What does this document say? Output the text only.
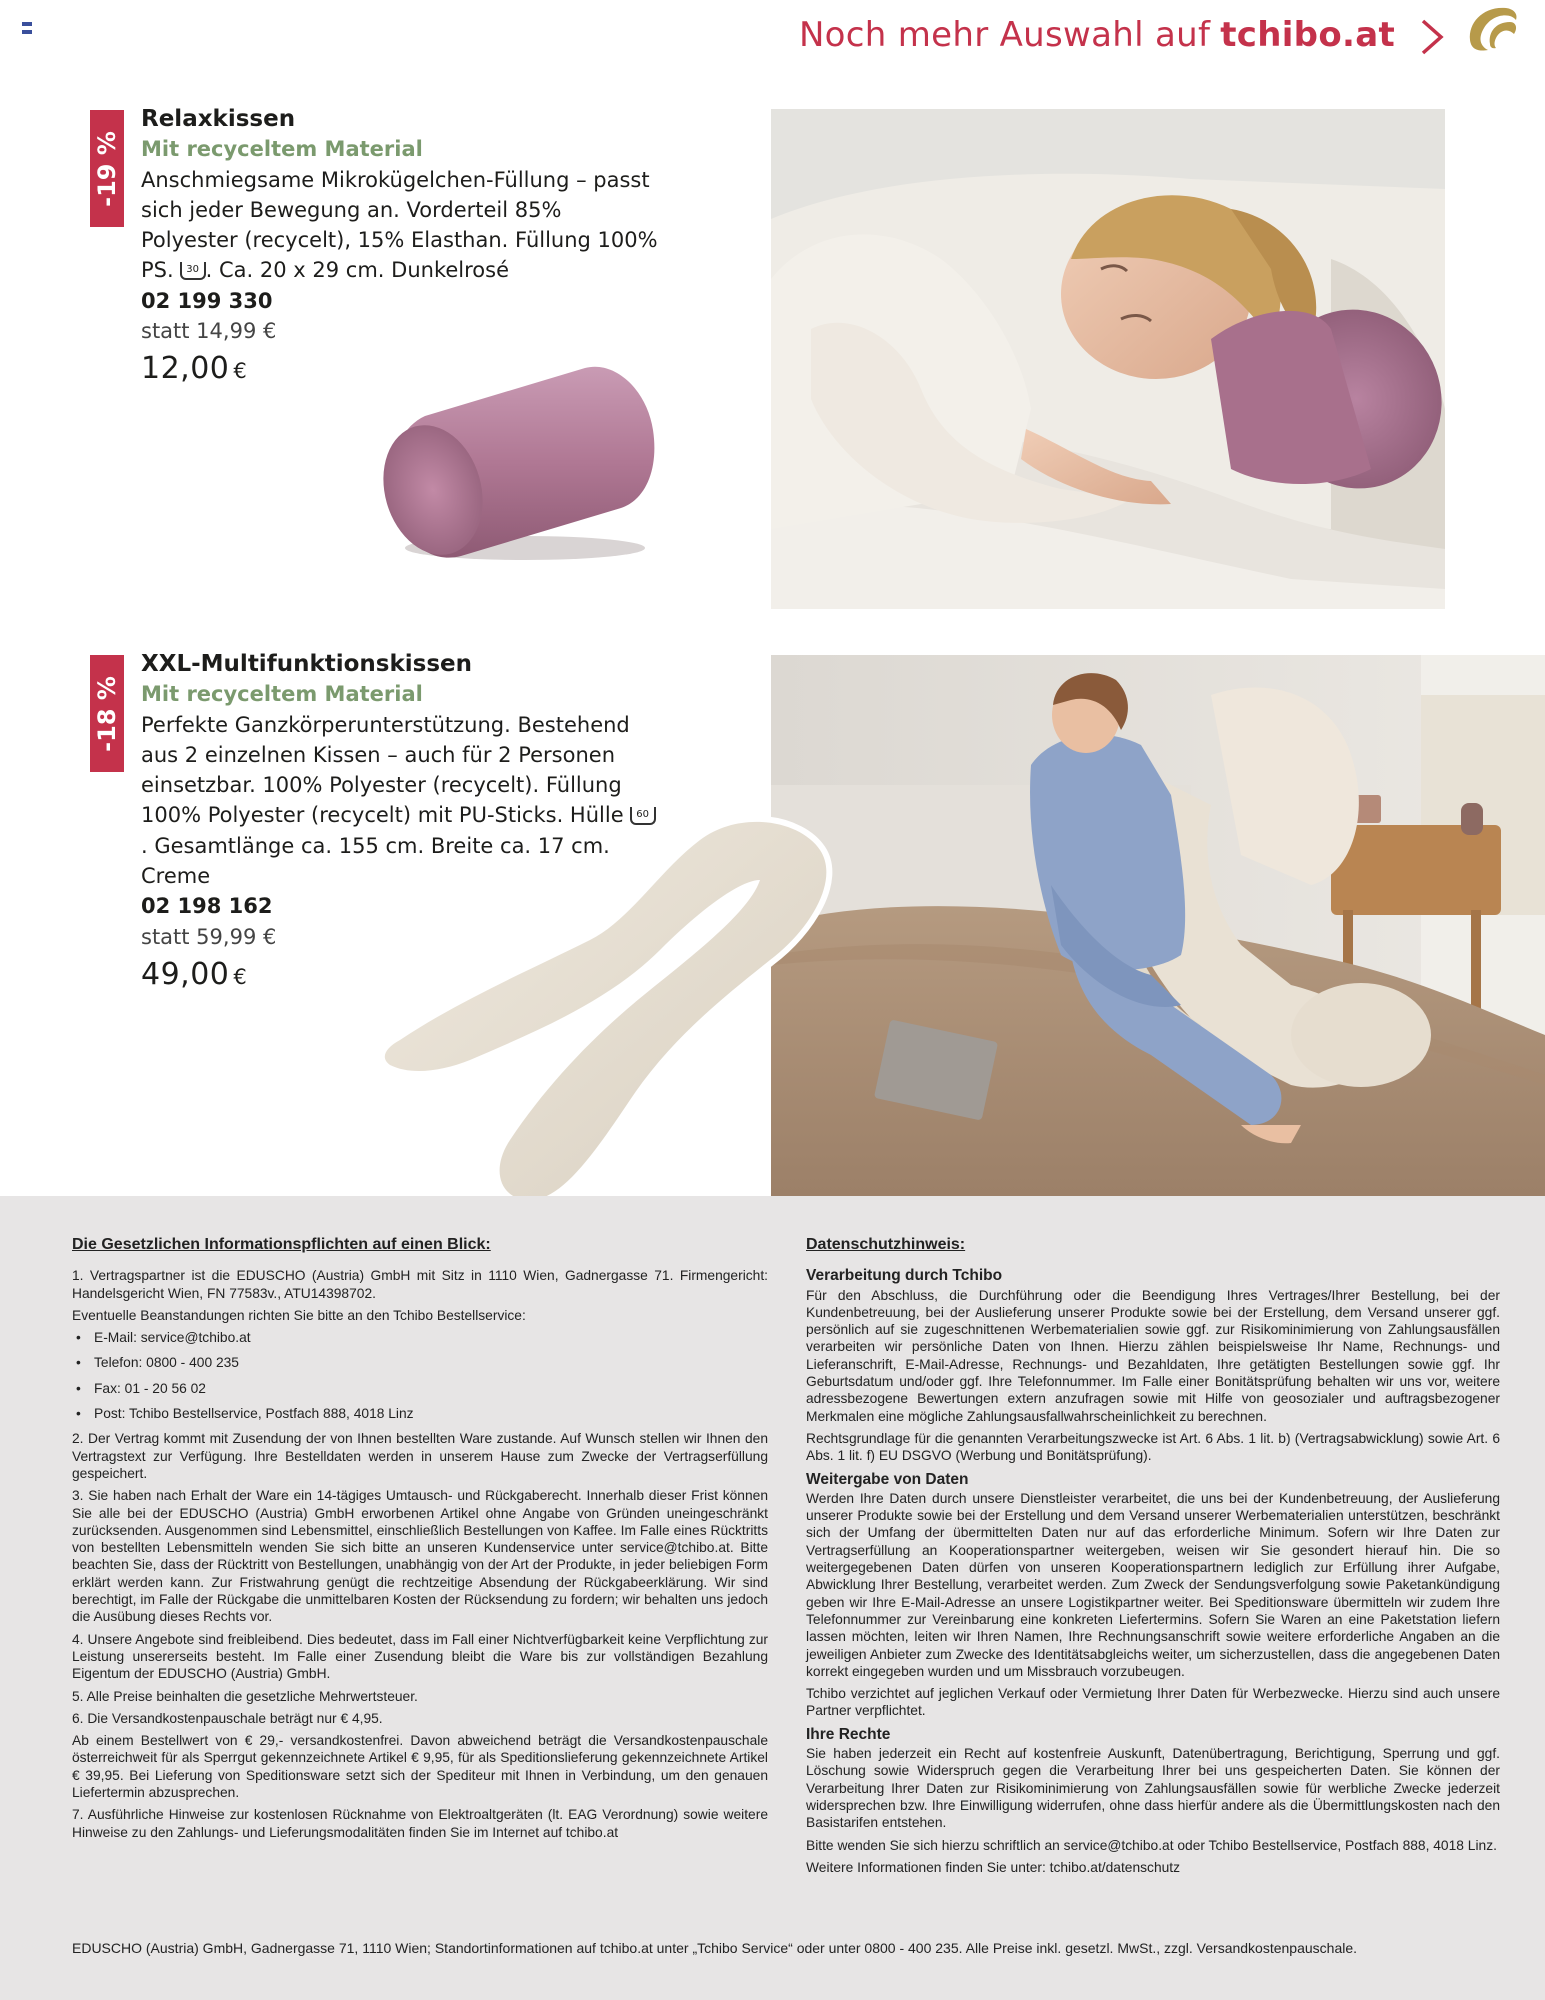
Noch mehr Auswahl auf tchibo.at
-19 %
Relaxkissen
Mit recyceltem Material
Anschmiegsame Mikrokügelchen-Füllung – passt sich jeder Bewegung an. Vorderteil 85% Polyester (recycelt), 15% Elasthan. Füllung 100% PS. 30 . Ca. 20 x 29 cm. Dunkelrosé
02 199 330
statt 14,99 €
12,00 €
-18 %
XXL-Multifunktionskissen
Mit recyceltem Material
Perfekte Ganzkörperunterstützung. Bestehend aus 2 einzelnen Kissen – auch für 2 Personen einsetzbar. 100% Polyester (recycelt). Füllung 100% Polyester (recycelt) mit PU-Sticks. Hülle 60. Gesamtlänge ca. 155 cm. Breite ca. 17 cm. Creme
02 198 162
statt 59,99 €
49,00 €
Die Gesetzlichen Informationspflichten auf einen Blick:

1. Vertragspartner ist die EDUSCHO (Austria) GmbH mit Sitz in 1110 Wien, Gadnergasse 71. Firmengericht: Handelsgericht Wien, FN 77583v., ATU14398702.

Eventuelle Beanstandungen richten Sie bitte an den Tchibo Bestellservice:

• E-Mail: service@tchibo.at
• Telefon: 0800 - 400 235
• Fax: 01 - 20 56 02
• Post: Tchibo Bestellservice, Postfach 888, 4018 Linz

2. Der Vertrag kommt mit Zusendung der von Ihnen bestellten Ware zustande. Auf Wunsch stellen wir Ihnen den Vertragstext zur Verfügung. Ihre Bestelldaten werden in unserem Hause zum Zwecke der Vertragserfüllung gespeichert.

3. Sie haben nach Erhalt der Ware ein 14-tägiges Umtausch- und Rückgaberecht. Innerhalb dieser Frist können Sie alle bei der EDUSCHO (Austria) GmbH erworbenen Artikel ohne Angabe von Gründen uneingeschränkt zurücksenden. Ausgenommen sind Lebensmittel, einschließlich Bestellungen von Kaffee. Im Falle eines Rücktritts von bestellten Lebensmitteln wenden Sie sich bitte an unseren Kundenservice unter service@tchibo.at. Bitte beachten Sie, dass der Rücktritt von Bestellungen, unabhängig von der Art der Produkte, in jeder beliebigen Form erklärt werden kann. Zur Fristwahrung genügt die rechtzeitige Absendung der Rückgabeerklärung. Wir sind berechtigt, im Falle der Rückgabe die unmittelbaren Kosten der Rücksendung zu fordern; wir behalten uns jedoch die Ausübung dieses Rechts vor.

4. Unsere Angebote sind freibleibend. Dies bedeutet, dass im Fall einer Nichtverfügbarkeit keine Verpflichtung zur Leistung unsererseits besteht. Im Falle einer Zusendung bleibt die Ware bis zur vollständigen Bezahlung Eigentum der EDUSCHO (Austria) GmbH.

5. Alle Preise beinhalten die gesetzliche Mehrwertsteuer.

6. Die Versandkostenpauschale beträgt nur € 4,95.

Ab einem Bestellwert von € 29,- versandkostenfrei. Davon abweichend beträgt die Versandkostenpauschale österreichweit für als Sperrgut gekennzeichnete Artikel € 9,95, für als Speditionslieferung gekennzeichnete Artikel € 39,95. Bei Lieferung von Speditionsware setzt sich der Spediteur mit Ihnen in Verbindung, um den genauen Liefertermin abzusprechen.

7. Ausführliche Hinweise zur kostenlosen Rücknahme von Elektroaltgeräten (lt. EAG Verordnung) sowie weitere Hinweise zu den Zahlungs- und Lieferungsmodalitäten finden Sie im Internet auf tchibo.at

Datenschutzhinweis:
Verarbeitung durch Tchibo

Für den Abschluss, die Durchführung oder die Beendigung Ihres Vertrages/Ihrer Bestellung, bei der Kundenbetreuung, bei der Auslieferung unserer Produkte sowie bei der Erstellung, dem Versand unserer ggf. persönlich auf sie zugeschnittenen Werbematerialien sowie ggf. zur Risikominimierung von Zahlungsausfällen verarbeiten wir persönliche Daten von Ihnen. Hierzu zählen beispielsweise Ihr Name, Rechnungs- und Lieferanschrift, E-Mail-Adresse, Rechnungs- und Bezahldaten, Ihre getätigten Bestellungen sowie ggf. Ihr Geburtsdatum und/oder ggf. Ihre Telefonnummer. Im Falle einer Bonitätsprüfung behalten wir uns vor, weitere adressbezogene Bewertungen extern anzufragen sowie mit Hilfe von geosozialer und auftragsbezogener Merkmalen eine mögliche Zahlungsausfallwahrscheinlichkeit zu berechnen.

Rechtsgrundlage für die genannten Verarbeitungszwecke ist Art. 6 Abs. 1 lit. b) (Vertragsabwicklung) sowie Art. 6 Abs. 1 lit. f) EU DSGVO (Werbung und Bonitätsprüfung).

Weitergabe von Daten

Werden Ihre Daten durch unsere Dienstleister verarbeitet, die uns bei der Kundenbetreuung, der Auslieferung unserer Produkte sowie bei der Erstellung und dem Versand unserer Werbematerialien unterstützen, beschränkt sich der Umfang der übermittelten Daten nur auf das erforderliche Minimum. Sofern wir Ihre Daten zur Vertragserfüllung an Kooperationspartner weitergeben, weisen wir Sie gesondert hierauf hin. Die so weitergegebenen Daten dürfen von unseren Kooperationspartnern lediglich zur Erfüllung ihrer Aufgabe, Abwicklung Ihrer Bestellung, verarbeitet werden. Zum Zweck der Sendungsverfolgung sowie Paketankündigung geben wir Ihre E-Mail-Adresse an unsere Logistikpartner weiter. Bei Speditionsware übermitteln wir zudem Ihre Telefonnummer zur Vereinbarung eine konkreten Liefertermins. Sofern Sie Waren an eine Paketstation liefern lassen möchten, leiten wir Ihren Namen, Ihre Rechnungsanschrift sowie weitere erforderliche Angaben an die jeweiligen Anbieter zum Zwecke des Identitätsabgleichs weiter, um sicherzustellen, dass die angegebenen Daten korrekt eingegeben wurden und um Missbrauch vorzubeugen.

Tchibo verzichtet auf jeglichen Verkauf oder Vermietung Ihrer Daten für Werbezwecke. Hierzu sind auch unsere Partner verpflichtet.

Ihre Rechte

Sie haben jederzeit ein Recht auf kostenfreie Auskunft, Datenübertragung, Berichtigung, Sperrung und ggf. Löschung sowie Widerspruch gegen die Verarbeitung Ihrer bei uns gespeicherten Daten. Sie können der Verarbeitung Ihrer Daten zur Risikominimierung von Zahlungsausfällen sowie für werbliche Zwecke jederzeit widersprechen bzw. Ihre Einwilligung widerrufen, ohne dass hierfür andere als die Übermittlungskosten nach den Basistarifen entstehen.

Bitte wenden Sie sich hierzu schriftlich an service@tchibo.at oder Tchibo Bestellservice, Postfach 888, 4018 Linz.

Weitere Informationen finden Sie unter: tchibo.at/datenschutz

EDUSCHO (Austria) GmbH, Gadnergasse 71, 1110 Wien; Standortinformationen auf tchibo.at unter „Tchibo Service“ oder unter 0800 - 400 235. Alle Preise inkl. gesetzl. MwSt., zzgl. Versandkostenpauschale.
